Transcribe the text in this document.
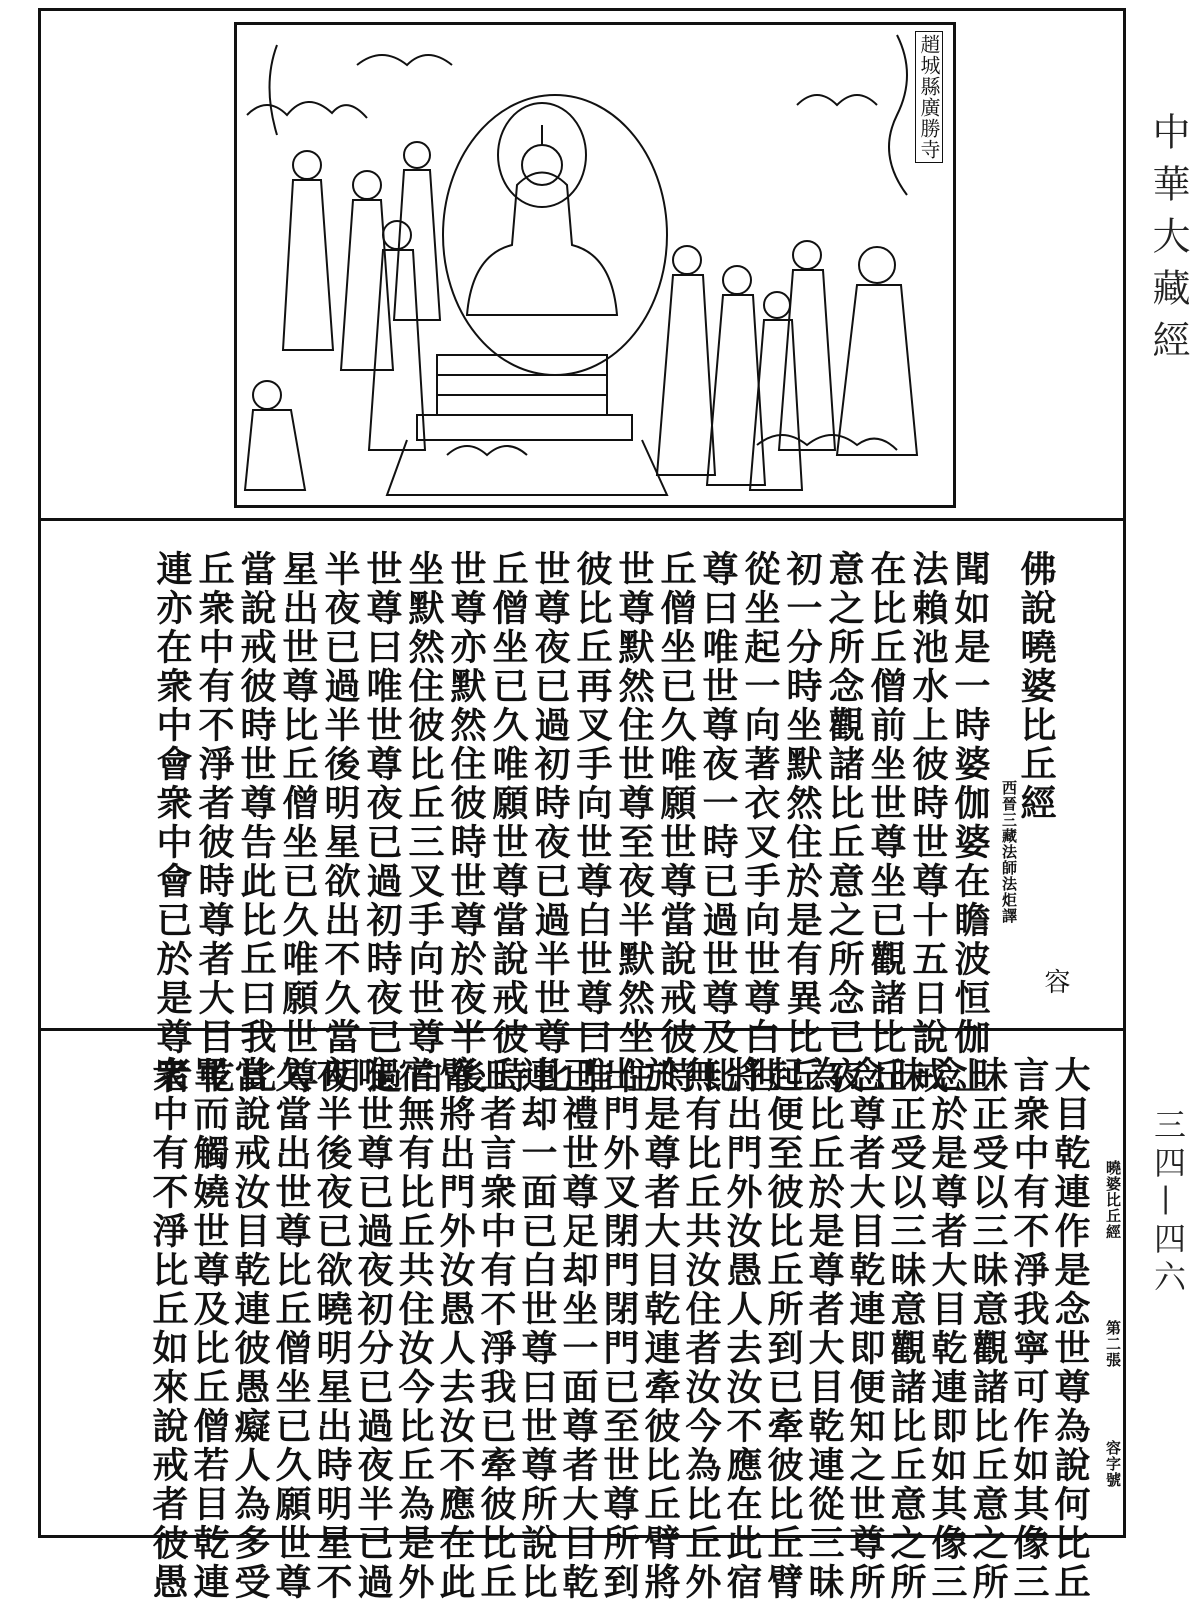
中華大藏經
三四—四六
趙城縣廣勝寺
佛說曉婆比丘經
西晉三藏法師法炬譯
容
聞如是一時婆伽婆在瞻波恒伽上
法賴池水上彼時世尊十五日說戒
在比丘僧前坐世尊坐已觀諸比丘
意之所念觀諸比丘意之所念已夜
初一分時坐默然住於是有異比丘
從坐起一向著衣叉手向世尊白世
尊曰唯世尊夜一時已過世尊及比
丘僧坐已久唯願世尊當說戒彼時
世尊默然住世尊至夜半默然坐住
彼比丘再叉手向世尊白世尊曰唯
世尊夜已過初時夜已過半世尊比
丘僧坐已久唯願世尊當說戒彼時
世尊亦默然住彼時世尊於夜半後
坐默然住彼比丘三叉手向世尊白
世尊曰唯世尊夜已過初時夜已過
半夜已過半後明星欲出不久當明
星出世尊比丘僧坐已久唯願世尊
當說戒彼時世尊告此比丘曰我比
丘衆中有不淨者彼時尊者大目乾
連亦在衆中會衆中會已於是尊者
曉婆比丘經
第二張
容字號
大目乾連作是念世尊為說何比丘
言衆中有不淨我寧可作如其像三
昧正受以三昧意觀諸比丘意之所
念於是尊者大目乾連即如其像三
昧正受以三昧意觀諸比丘意之所
念尊者大目乾連即便知之世尊所
為比丘於是尊者大目乾連從三昧
起便至彼比丘所到已牽彼比丘臂
將出門外汝愚人去汝不應在此宿
無有比丘共汝住者汝今為比丘外
於是尊者大目乾連牽彼比丘臂將
出門外叉閉門閉門已至世尊所到
已禮世尊足却坐一面尊者大目乾
連却一面已白世尊曰世尊所說比
丘者言衆中有不淨我已牽彼比丘
臂將出門外汝愚人去汝不應在此
宿無有比丘共住汝今比丘為是外
唯世尊已過夜初分已過夜半已過
夜半後夜已欲曉明星出時明星不
久當出世尊比丘僧坐已久願世尊
當說戒汝目乾連彼愚癡人為多受
罪而觸嬈世尊及比丘僧若目乾連
衆中有不淨比丘如來說戒者彼愚
